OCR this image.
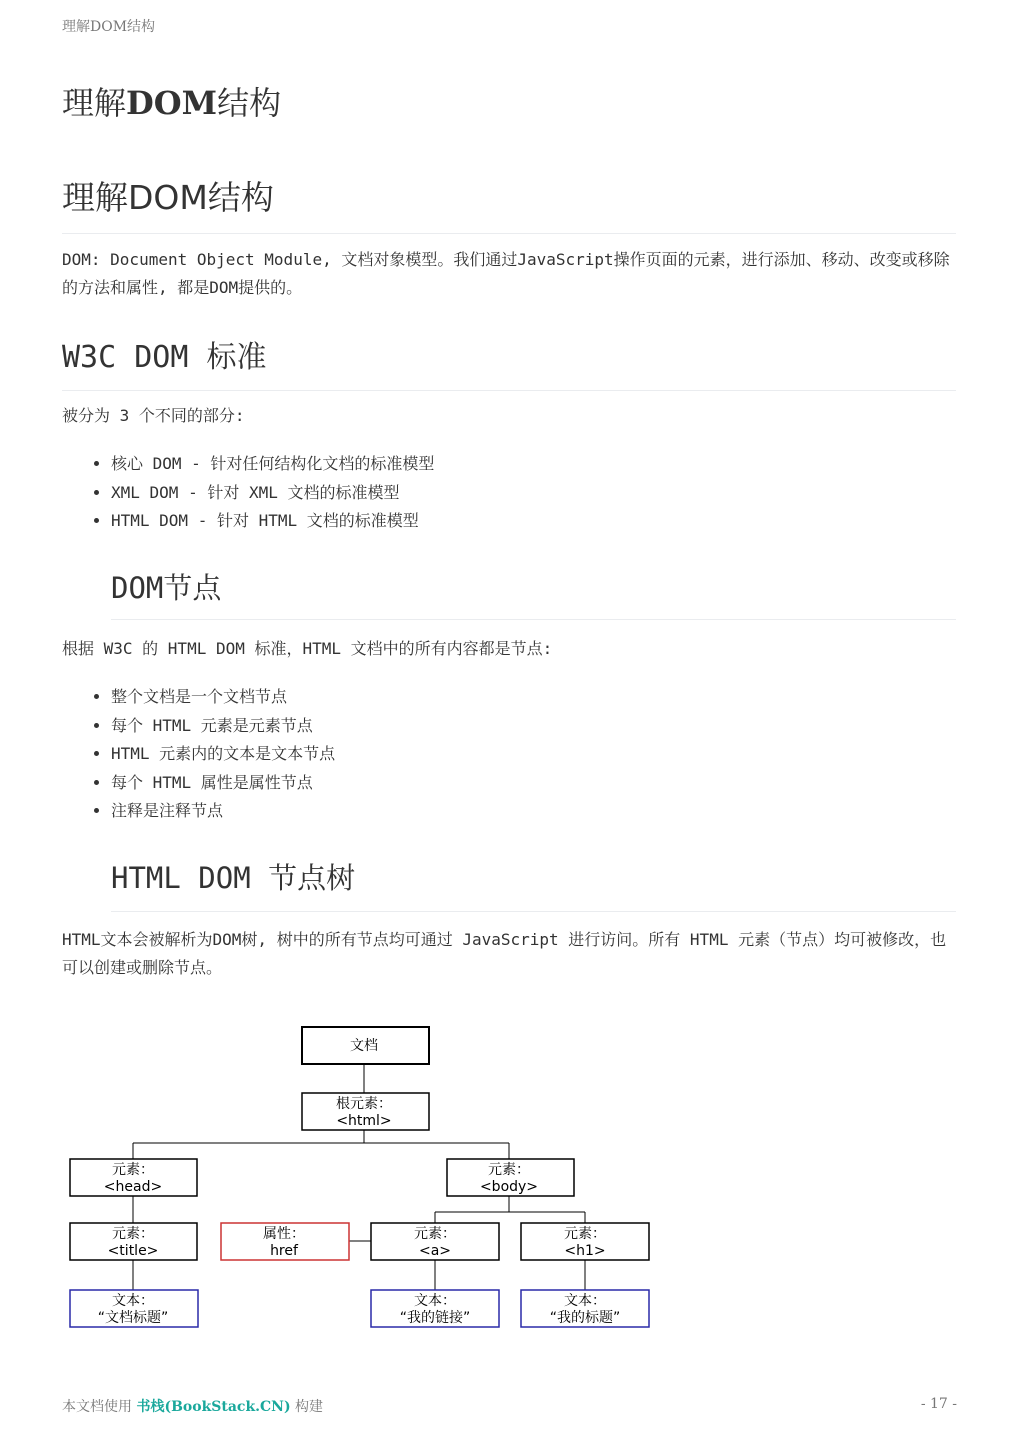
理解DOM结构
理解DOM结构
理解DOM结构

DOM: Document Object Module, 文档对象模型。我们通过JavaScript操作页面的元素，进行添加、移动、改变或移除的方法和属性, 都是DOM提供的。

W3C DOM 标准

被分为 3 个不同的部分:

• 核心 DOM - 针对任何结构化文档的标准模型
• XML DOM - 针对 XML 文档的标准模型
• HTML DOM - 针对 HTML 文档的标准模型
DOM节点

根据 W3C 的 HTML DOM 标准，HTML 文档中的所有内容都是节点:

• 整个文档是一个文档节点
• 每个 HTML 元素是元素节点
• HTML 元素内的文本是文本节点
• 每个 HTML 属性是属性节点
• 注释是注释节点
HTML DOM 节点树

HTML文本会被解析为DOM树, 树中的所有节点均可通过 JavaScript 进行访问。所有 HTML 元素（节点）均可被修改，也可以创建或删除节点。

文档
根元素：
<html>
元素：
<head>
元素：
<body>
元素：
<title>
属性：
href
元素：
<a>
元素：
<h1>
文本：
“文档标题”
文本：
“我的链接”
文本：
“我的标题”
本文档使用 书栈(BookStack.CN) 构建	- 17 -
